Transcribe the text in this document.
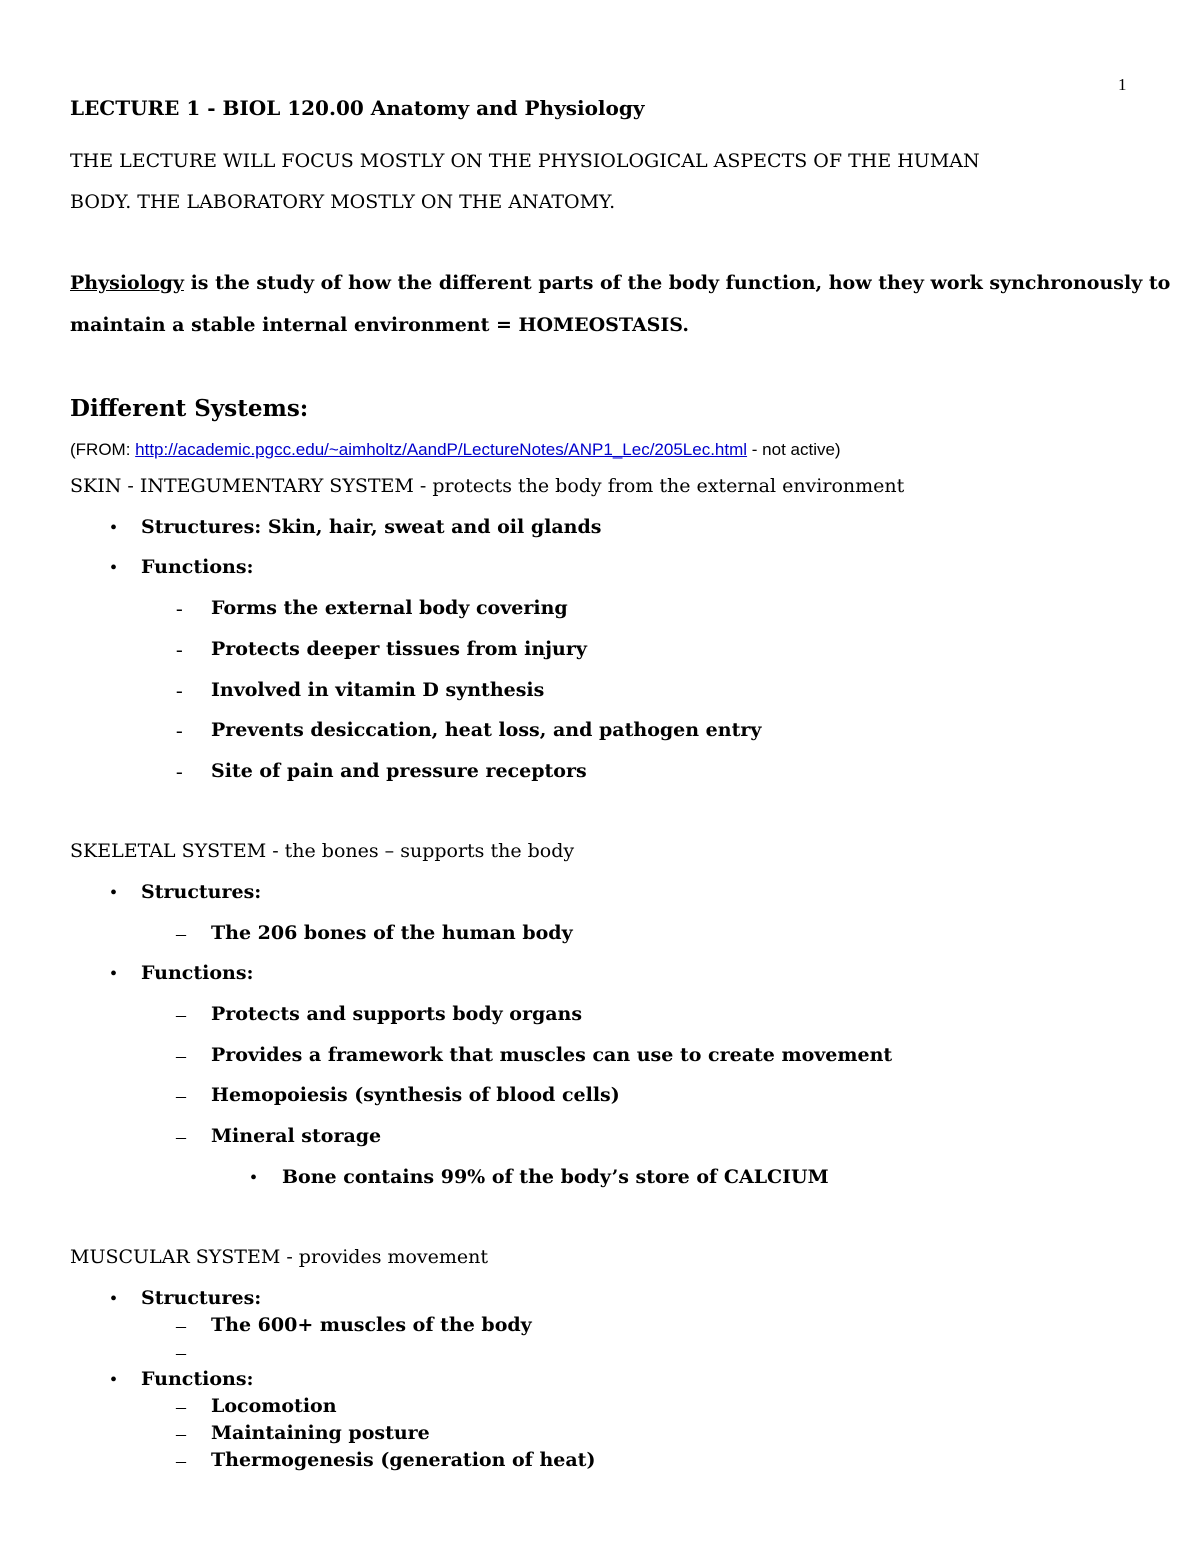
1
LECTURE 1 - BIOL 120.00 Anatomy and Physiology
THE LECTURE WILL FOCUS MOSTLY ON THE PHYSIOLOGICAL ASPECTS OF THE HUMAN
BODY. THE LABORATORY MOSTLY ON THE ANATOMY.
Physiology is the study of how the different parts of the body function, how they work synchronously to
maintain a stable internal environment = HOMEOSTASIS.
Different Systems:
(FROM: http://academic.pgcc.edu/~aimholtz/AandP/LectureNotes/ANP1_Lec/205Lec.html - not active)
SKIN - INTEGUMENTARY SYSTEM - protects the body from the external environment
• Structures: Skin, hair, sweat and oil glands
• Functions:
- Forms the external body covering
- Protects deeper tissues from injury
- Involved in vitamin D synthesis
- Prevents desiccation, heat loss, and pathogen entry
- Site of pain and pressure receptors
SKELETAL SYSTEM - the bones – supports the body
• Structures:
– The 206 bones of the human body
• Functions:
– Protects and supports body organs
– Provides a framework that muscles can use to create movement
– Hemopoiesis (synthesis of blood cells)
– Mineral storage
• Bone contains 99% of the body’s store of CALCIUM
MUSCULAR SYSTEM - provides movement
• Structures:
– The 600+ muscles of the body
–
• Functions:
– Locomotion
– Maintaining posture
– Thermogenesis (generation of heat)
